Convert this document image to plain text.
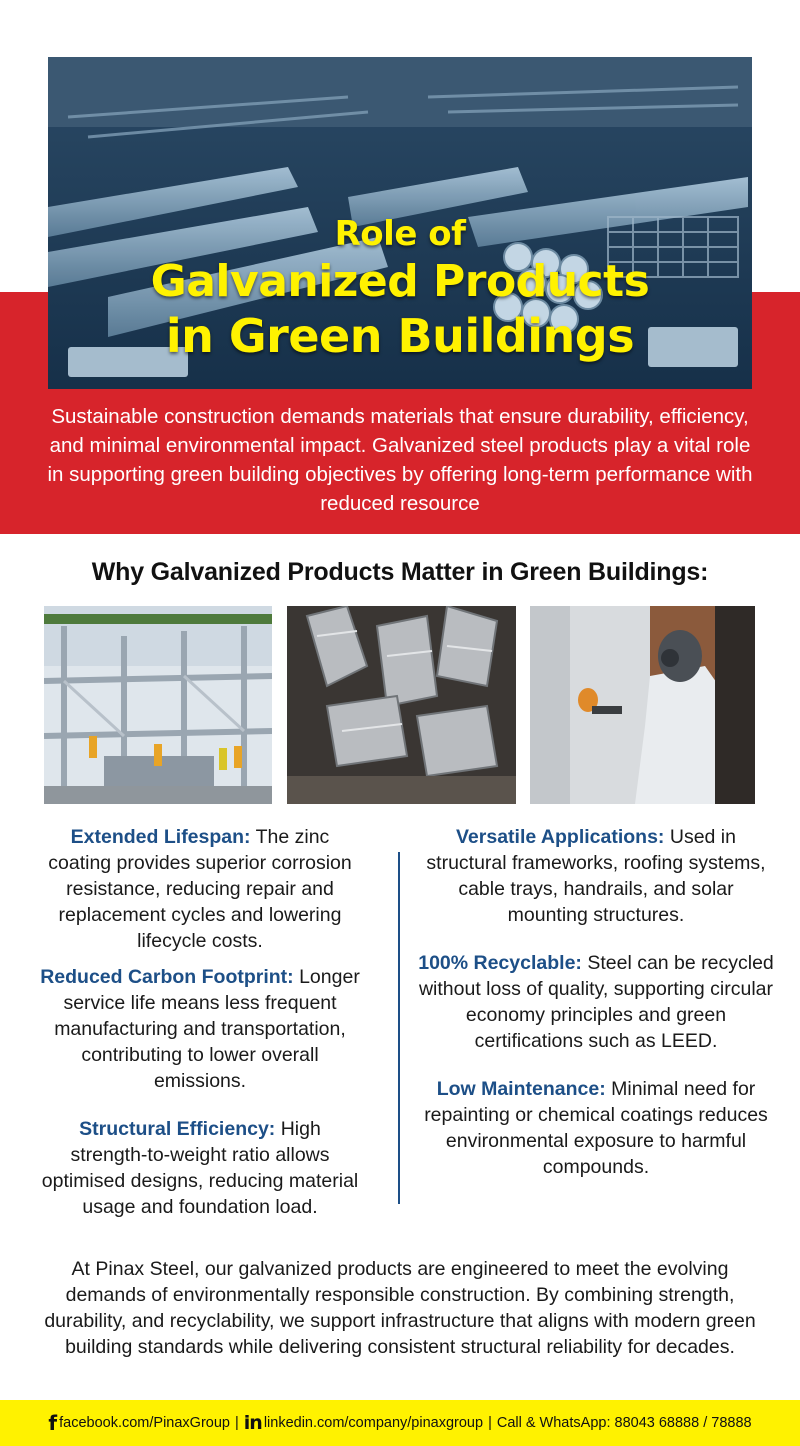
Role of
Galvanized Products
in Green Buildings

Sustainable construction demands materials that ensure durability, efficiency, and minimal environmental impact. Galvanized steel products play a vital role in supporting green building objectives by offering long-term performance with reduced resource

Why Galvanized Products Matter in Green Buildings:

Extended Lifespan: The zinc coating provides superior corrosion resistance, reducing repair and replacement cycles and lowering lifecycle costs.

Reduced Carbon Footprint: Longer service life means less frequent manufacturing and transportation, contributing to lower overall emissions.

Structural Efficiency: High strength-to-weight ratio allows optimised designs, reducing material usage and foundation load.

Versatile Applications: Used in structural frameworks, roofing systems, cable trays, handrails, and solar mounting structures.

100% Recyclable: Steel can be recycled without loss of quality, supporting circular economy principles and green certifications such as LEED.

Low Maintenance: Minimal need for repainting or chemical coatings reduces environmental exposure to harmful compounds.

At Pinax Steel, our galvanized products are engineered to meet the evolving demands of environmentally responsible construction. By combining strength, durability, and recyclability, we support infrastructure that aligns with modern green building standards while delivering consistent structural reliability for decades.

f facebook.com/PinaxGroup | in linkedin.com/company/pinaxgroup | Call & WhatsApp: 88043 68888 / 78888
